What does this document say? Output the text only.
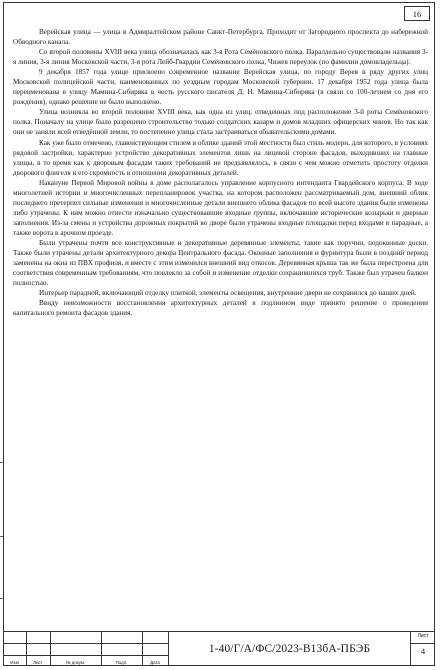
16

Верейская улица — улица в Адмиралтейском районе Санкт-Петербурга. Проходит от Загородного проспекта до набережной Обводного канала.

Со второй половины XVIII века улица обозначалась как 3-я Рота Семёновского полка. Параллельно существовали названия 3-я линия, 3-я линия Московской части, 3-я рота Лейб-Гвардии Семёновского полка, Чижев переулок (по фамилии домовладельца).

9 декабря 1857 года улице присвоено современное название Верейская улица, по городу Верея в ряду других улиц Московской полицейской части, наименованных по уездным городам Московской губернии. 17 декабря 1952 года улица была переименована в улицу Мамина-Сибиряка в честь русского писателя Д. Н. Мамина-Сибиряка (в связи со 100-летием со дня его рождения), однако решение не было выполнено.

Улица возникла во второй половине XVIII века, как одна из улиц, отведенных под расположение 3-й роты Семёновского полка. Поначалу на улице было разрешено строительство только солдатских казарм и домов младших офицерских чинов. Но так как они не заняли всей отведённой земли, то постепенно улица стала застраиваться обывательскими домами.

Как уже было отмечено, главенствующим стилем в облике зданий этой местности был стиль модерн, для которого, в условиях рядовой застройки, характерно устройство декоративных элементов лишь на лицевой стороне фасадов, выходивших на главные улицы, в то время как к дворовым фасадам таких требований не предъявлялось, в связи с чем можно отметить простоту отделки дворового флигеля и его скромность в отношении декоративных деталей.

Накануне Первой Мировой войны в доме располагалось управление корпусного интенданта Гвардейского корпуса. В ходе многолетней истории и многочисленных перепланировок участка, на котором расположен рассматриваемый дом, внешний облик последнего претерпел сильные изменения и многочисленные детали внешнего облика фасадов по всей высоте здания были изменены либо утрачены. К ним можно отнести изначально существовавшие входные группы, включавшие исторические козырьки и дверные заполнения. Из-за смены и устройства дорожных покрытий во дворе были утрачены входные площадки перед входами в парадные, а также ворота в арочном проезде.

Были утрачены почти все конструктивные и декоративные деревянные элементы, такие как поручни, подоконные доски. Также были утрачены детали архитектурного декора Центрального фасада. Оконные заполнения и фурнитура были в поздний период заменены на окна из ПВХ профиля, и вместе с этим изменился внешний вид откосов. Деревянная крыша так же была перестроена для соответствия современным требованиям, что повлекло за собой и изменение отделки сохранившихся труб. Также был утрачен балкон полностью.

Интерьер парадной, включающий отделку плиткой, элементы освещения, внутренние двери не сохранился до наших дней.

Ввиду невозможности восстановления архитектурных деталей в подлинном виде принято решение о проведении капитального ремонта фасадов здания.

Изм	Лист	№ докум.	Подп.	Дата
1-40/Г/А/ФС/2023-В13бА-ПБЭБ
Лист
4
